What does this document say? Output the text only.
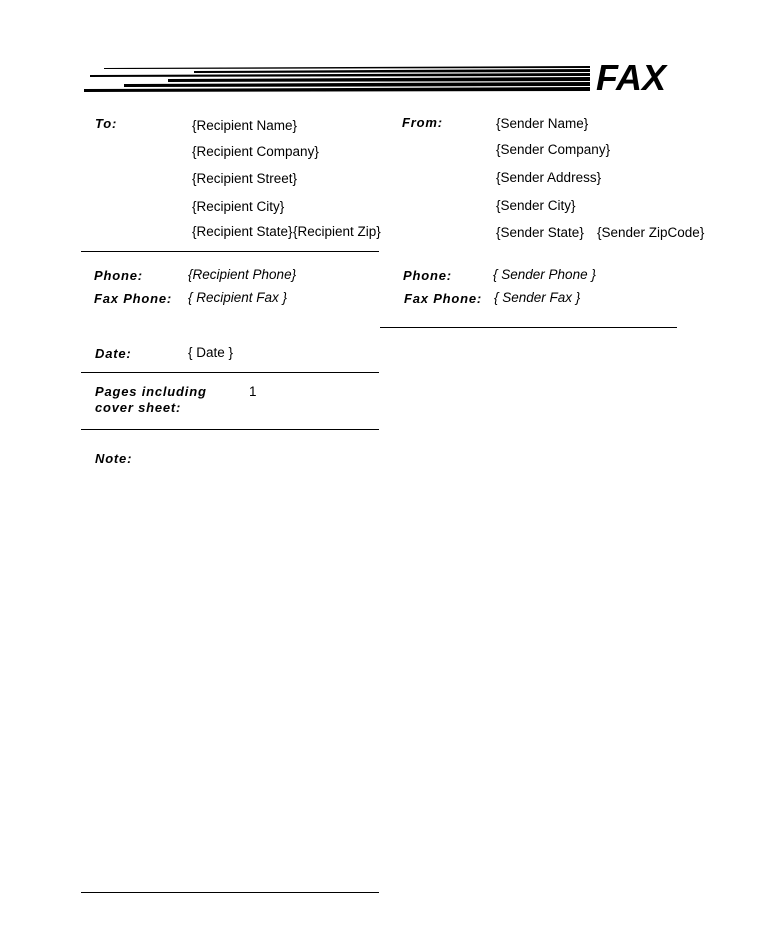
FAX
To:	{Recipient Name}
{Recipient Company}
{Recipient Street}
{Recipient City}
{Recipient State} {Recipient Zip}
From:	{Sender Name}
{Sender Company}
{Sender Address}
{Sender City}
{Sender State} {Sender ZipCode}
Phone:	{Recipient Phone}
Fax Phone: { Recipient Fax }
Phone:	{ Sender Phone }
Fax Phone: { Sender Fax }
Date:	{ Date }
Pages including
cover sheet:
1
Note:
